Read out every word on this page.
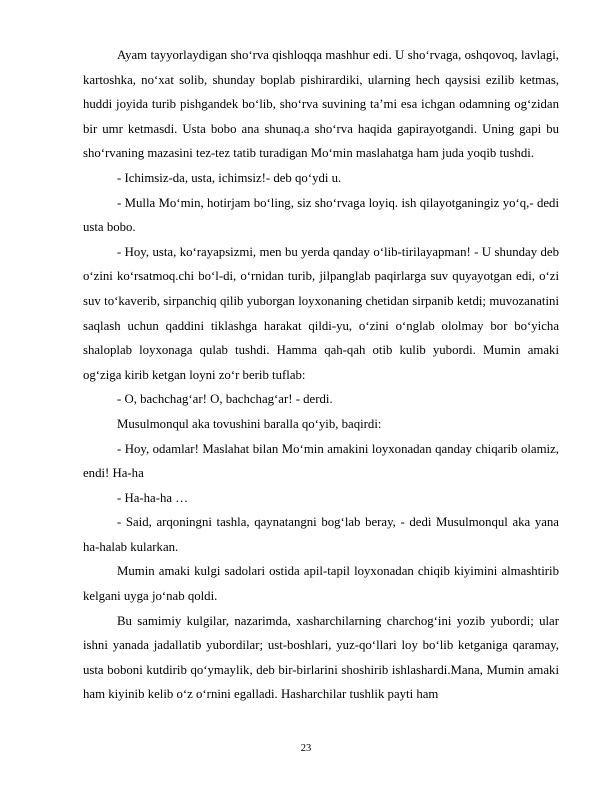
Ayam tayyorlaydigan sho‘rva qishloqqa mashhur edi. U sho‘rvaga, oshqovoq, lavlagi, kartoshka, no‘xat solib, shunday boplab pishirardiki, ularning hech qaysisi ezilib ketmas, huddi joyida turib pishgandek bo‘lib, sho‘rva suvining ta’mi esa ichgan odamning og‘zidan bir umr ketmasdi. Usta bobo ana shunaq.a sho‘rva haqida gapirayotgandi. Uning gapi bu sho‘rvaning mazasini tez-tez tatib turadigan Mo‘min maslahatga ham juda yoqib tushdi.

- Ichimsiz-da, usta, ichimsiz!- deb qo‘ydi u.

- Mulla Mo‘min, hotirjam bo‘ling, siz sho‘rvaga loyiq. ish qilayotganingiz yo‘q,- dedi usta bobo.

- Hoy, usta, ko‘rayapsizmi, men bu yerda qanday o‘lib-tirilayapman! - U shunday deb o‘zini ko‘rsatmoq.chi bo‘l-di, o‘rnidan turib, jilpanglab paqirlarga suv quyayotgan edi, o‘zi suv to‘kaverib, sirpanchiq qilib yuborgan loyxonaning chetidan sirpanib ketdi; muvozanatini saqlash uchun qaddini tiklashga harakat qildi-yu, o‘zini o‘nglab ololmay bor bo‘yicha shaloplab loyxonaga qulab tushdi. Hamma qah-qah otib kulib yubordi. Mumin amaki og‘ziga kirib ketgan loyni zo‘r berib tuflab:

- O, bachchag‘ar! O, bachchag‘ar! - derdi.

Musulmonqul aka tovushini baralla qo‘yib, baqirdi:

- Hoy, odamlar! Maslahat bilan Mo‘min amakini loyxonadan qanday chiqarib olamiz, endi! Ha-ha

- Ha-ha-ha …

- Said, arqoningni tashla, qaynatangni bog‘lab beray, - dedi Musulmonqul aka yana ha-halab kularkan.

Mumin amaki kulgi sadolari ostida apil-tapil loyxonadan chiqib kiyimini almashtirib kelgani uyga jo‘nab qoldi.

Bu samimiy kulgilar, nazarimda, xasharchilarning charchog‘ini yozib yubordi; ular ishni yanada jadallatib yubordilar; ust-boshlari, yuz-qo‘llari loy bo‘lib ketganiga qaramay, usta boboni kutdirib qo‘ymaylik, deb bir-birlarini shoshirib ishlashardi.Mana, Mumin amaki ham kiyinib kelib o‘z o‘rnini egalladi. Hasharchilar tushlik payti ham

23
